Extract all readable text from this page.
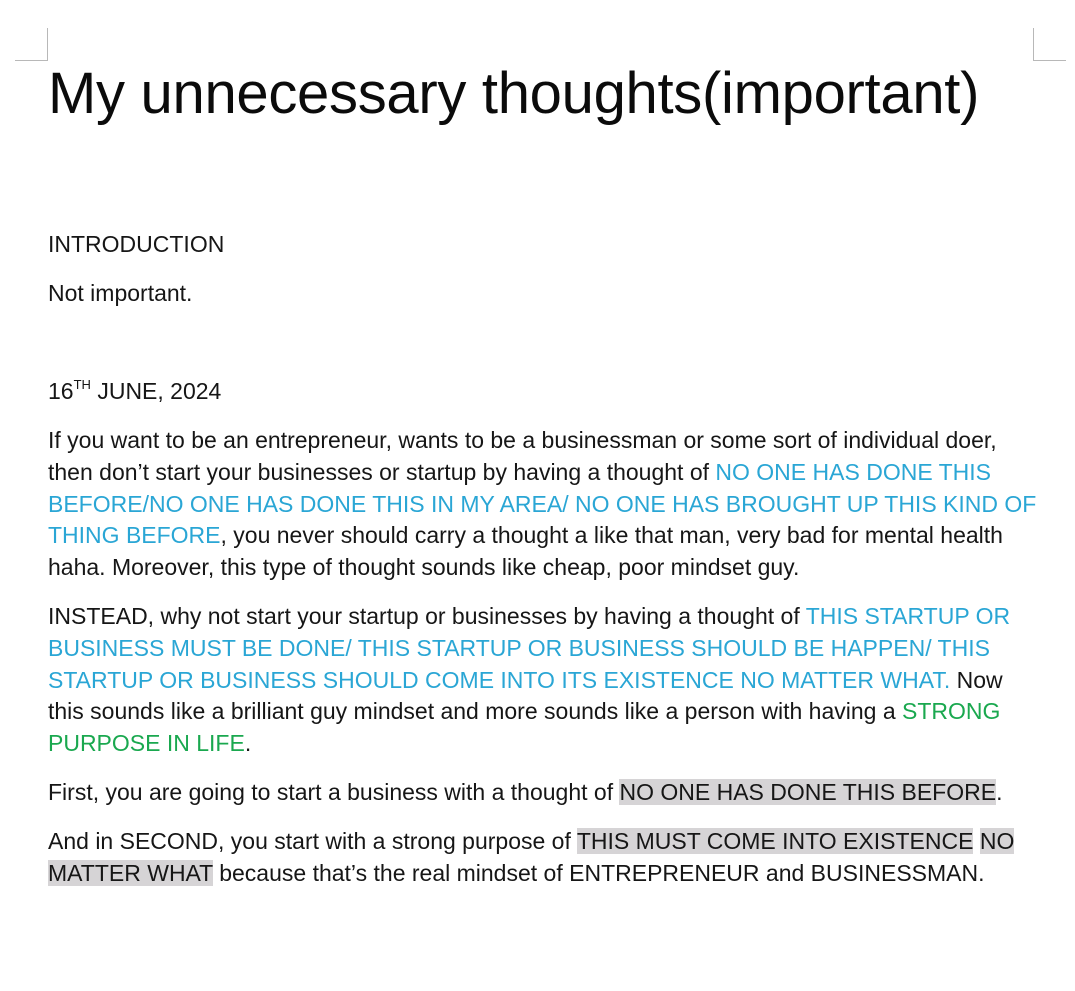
My unnecessary thoughts(important)

INTRODUCTION

Not important.

16TH JUNE, 2024

If you want to be an entrepreneur, wants to be a businessman or some sort of individual doer, then don’t start your businesses or startup by having a thought of NO ONE HAS DONE THIS BEFORE/NO ONE HAS DONE THIS IN MY AREA/ NO ONE HAS BROUGHT UP THIS KIND OF THING BEFORE, you never should carry a thought a like that man, very bad for mental health haha. Moreover, this type of thought sounds like cheap, poor mindset guy.

INSTEAD, why not start your startup or businesses by having a thought of THIS STARTUP OR BUSINESS MUST BE DONE/ THIS STARTUP OR BUSINESS SHOULD BE HAPPEN/ THIS STARTUP OR BUSINESS SHOULD COME INTO ITS EXISTENCE NO MATTER WHAT. Now this sounds like a brilliant guy mindset and more sounds like a person with having a STRONG PURPOSE IN LIFE.

First, you are going to start a business with a thought of NO ONE HAS DONE THIS BEFORE.

And in SECOND, you start with a strong purpose of THIS MUST COME INTO EXISTENCE NO MATTER WHAT because that’s the real mindset of ENTREPRENEUR and BUSINESSMAN.
